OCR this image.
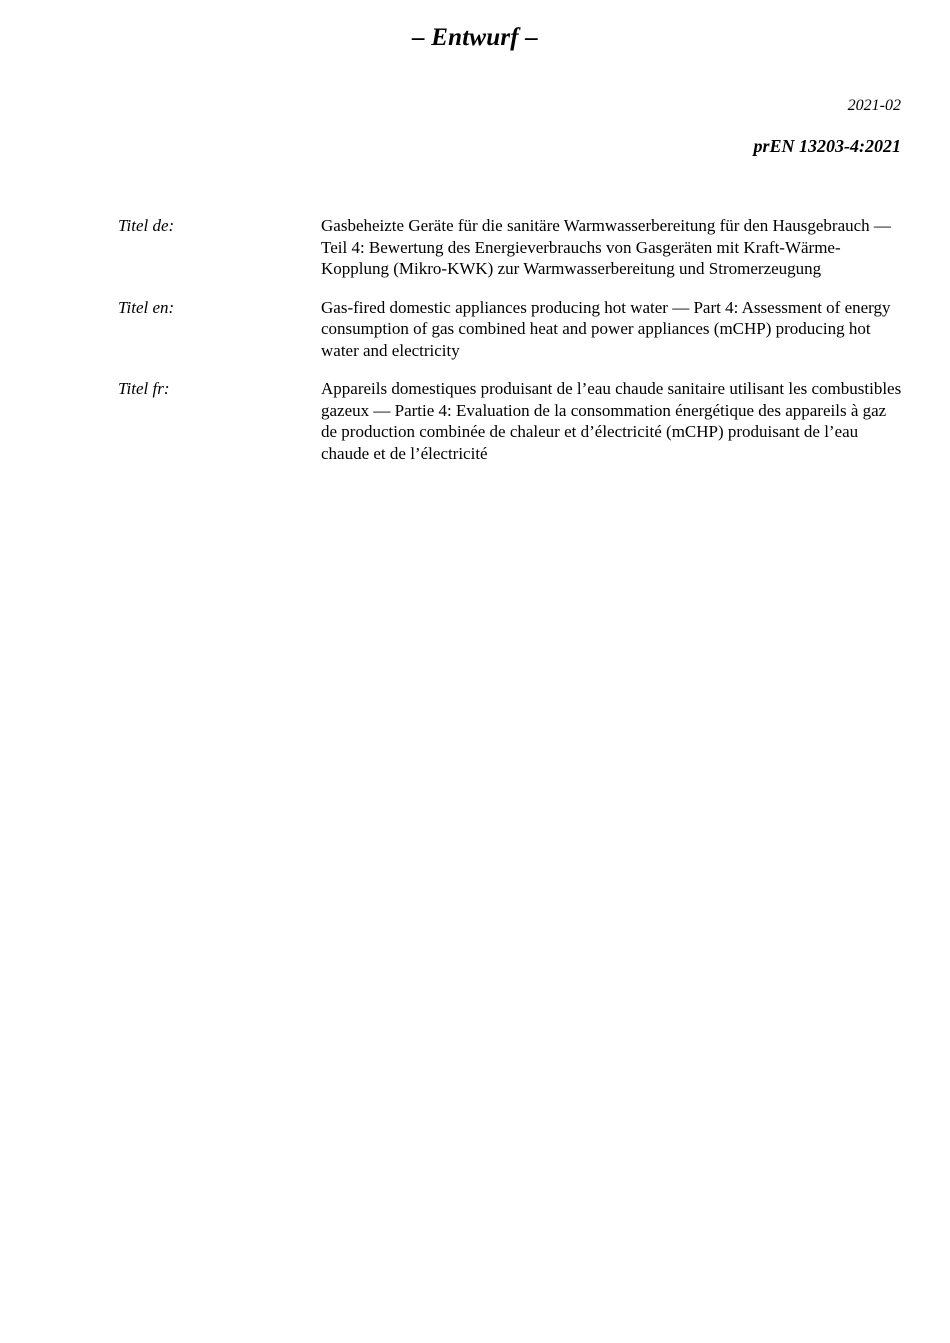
– Entwurf –
2021-02
prEN 13203-4:2021
Titel de:	Gasbeheizte Geräte für die sanitäre Warmwasserbereitung für den Hausgebrauch — Teil 4: Bewertung des Energieverbrauchs von Gasgeräten mit Kraft-Wärme-Kopplung (Mikro-KWK) zur Warmwasserbereitung und Stromerzeugung
Titel en:	Gas-fired domestic appliances producing hot water — Part 4: Assessment of energy consumption of gas combined heat and power appliances (mCHP) producing hot water and electricity
Titel fr:	Appareils domestiques produisant de l’eau chaude sanitaire utilisant les combustibles gazeux — Partie 4: Evaluation de la consommation énergétique des appareils à gaz de production combinée de chaleur et d’électricité (mCHP) produisant de l’eau chaude et de l’électricité
